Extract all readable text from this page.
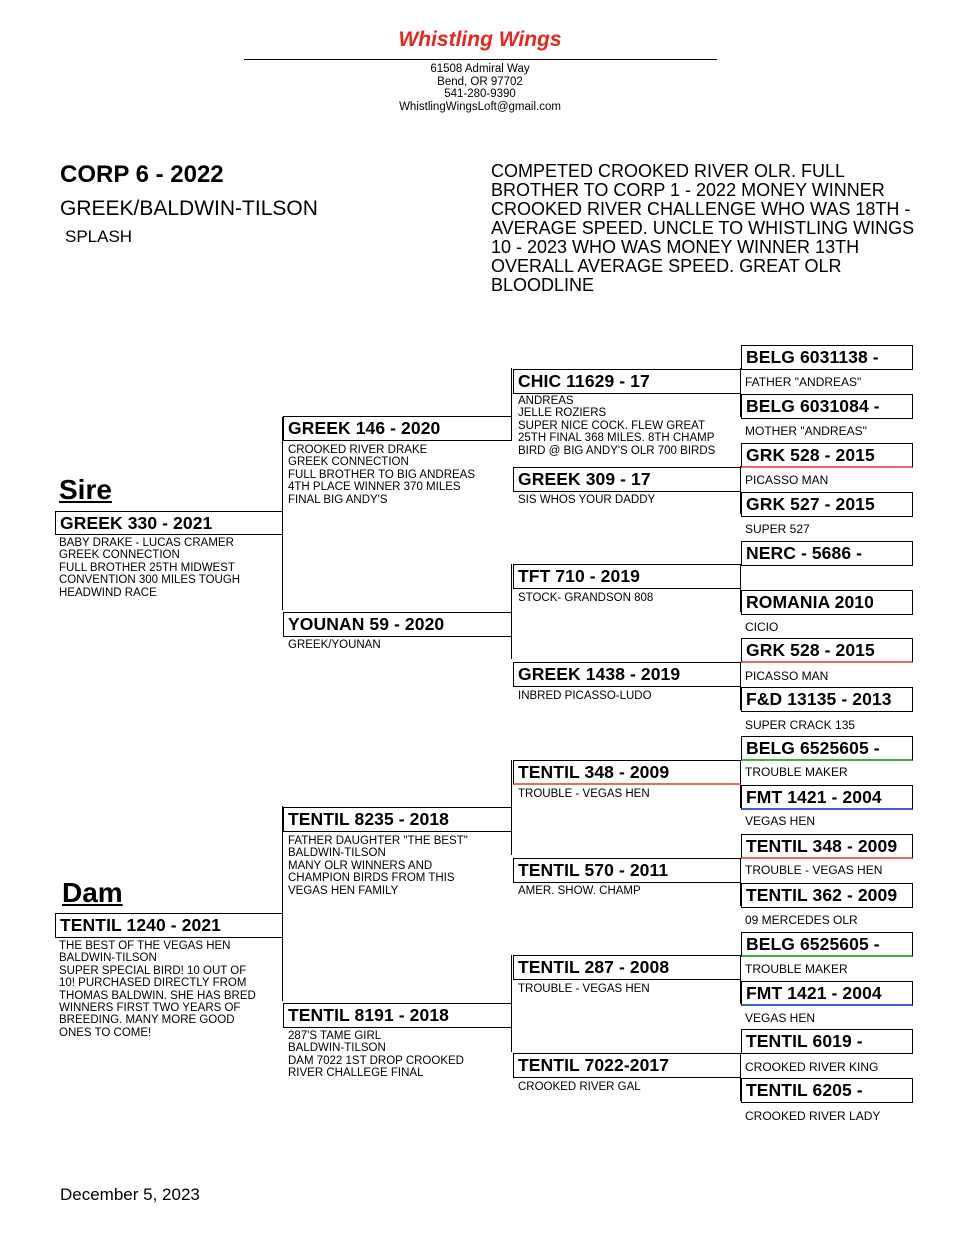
Whistling Wings
61508 Admiral Way
Bend, OR 97702
541-280-9390
WhistlingWingsLoft@gmail.com
CORP 6 - 2022
GREEK/BALDWIN-TILSON
SPLASH
COMPETED CROOKED RIVER OLR. FULL BROTHER TO CORP 1 - 2022 MONEY WINNER CROOKED RIVER CHALLENGE WHO WAS 18TH - AVERAGE SPEED. UNCLE TO WHISTLING WINGS 10 - 2023 WHO WAS MONEY WINNER 13TH OVERALL AVERAGE SPEED. GREAT OLR BLOODLINE
Sire
Dam
GREEK 330 - 2021
BABY DRAKE - LUCAS CRAMER
GREEK CONNECTION
FULL BROTHER 25TH MIDWEST
CONVENTION 300 MILES TOUGH
HEADWIND RACE
TENTIL 1240 - 2021
THE BEST OF THE VEGAS HEN
BALDWIN-TILSON
SUPER SPECIAL BIRD! 10 OUT OF
10! PURCHASED DIRECTLY FROM
THOMAS BALDWIN. SHE HAS BRED
WINNERS FIRST TWO YEARS OF
BREEDING. MANY MORE GOOD
ONES TO COME!
GREEK 146 - 2020
CROOKED RIVER DRAKE
GREEK CONNECTION
FULL BROTHER TO BIG ANDREAS
4TH PLACE WINNER 370 MILES
FINAL BIG ANDY'S
YOUNAN 59 - 2020
GREEK/YOUNAN
TENTIL 8235 - 2018
FATHER DAUGHTER "THE BEST"
BALDWIN-TILSON
MANY OLR WINNERS AND
CHAMPION BIRDS FROM THIS
VEGAS HEN FAMILY
TENTIL 8191 - 2018
287'S TAME GIRL
BALDWIN-TILSON
DAM 7022 1ST DROP CROOKED
RIVER CHALLEGE FINAL
CHIC 11629 - 17
ANDREAS
JELLE ROZIERS
SUPER NICE COCK. FLEW GREAT
25TH FINAL 368 MILES. 8TH CHAMP
BIRD @ BIG ANDY'S OLR 700 BIRDS
GREEK 309 - 17
SIS WHOS YOUR DADDY
TFT 710 - 2019
STOCK- GRANDSON 808
GREEK 1438 - 2019
INBRED PICASSO-LUDO
TENTIL 348 - 2009
TROUBLE - VEGAS HEN
TENTIL 570 - 2011
AMER. SHOW. CHAMP
TENTIL 287 - 2008
TROUBLE - VEGAS HEN
TENTIL 7022-2017
CROOKED RIVER GAL
BELG 6031138 -
FATHER "ANDREAS"
BELG 6031084 -
MOTHER "ANDREAS"
GRK 528 - 2015
PICASSO MAN
GRK 527 - 2015
SUPER 527
NERC - 5686 -
ROMANIA 2010
CICIO
GRK 528 - 2015
PICASSO MAN
F&D 13135 - 2013
SUPER CRACK 135
BELG 6525605 -
TROUBLE MAKER
FMT 1421 - 2004
VEGAS HEN
TENTIL 348 - 2009
TROUBLE - VEGAS HEN
TENTIL 362 - 2009
09 MERCEDES OLR
BELG 6525605 -
TROUBLE MAKER
FMT 1421 - 2004
VEGAS HEN
TENTIL 6019 -
CROOKED RIVER KING
TENTIL 6205 -
CROOKED RIVER LADY
December 5, 2023
